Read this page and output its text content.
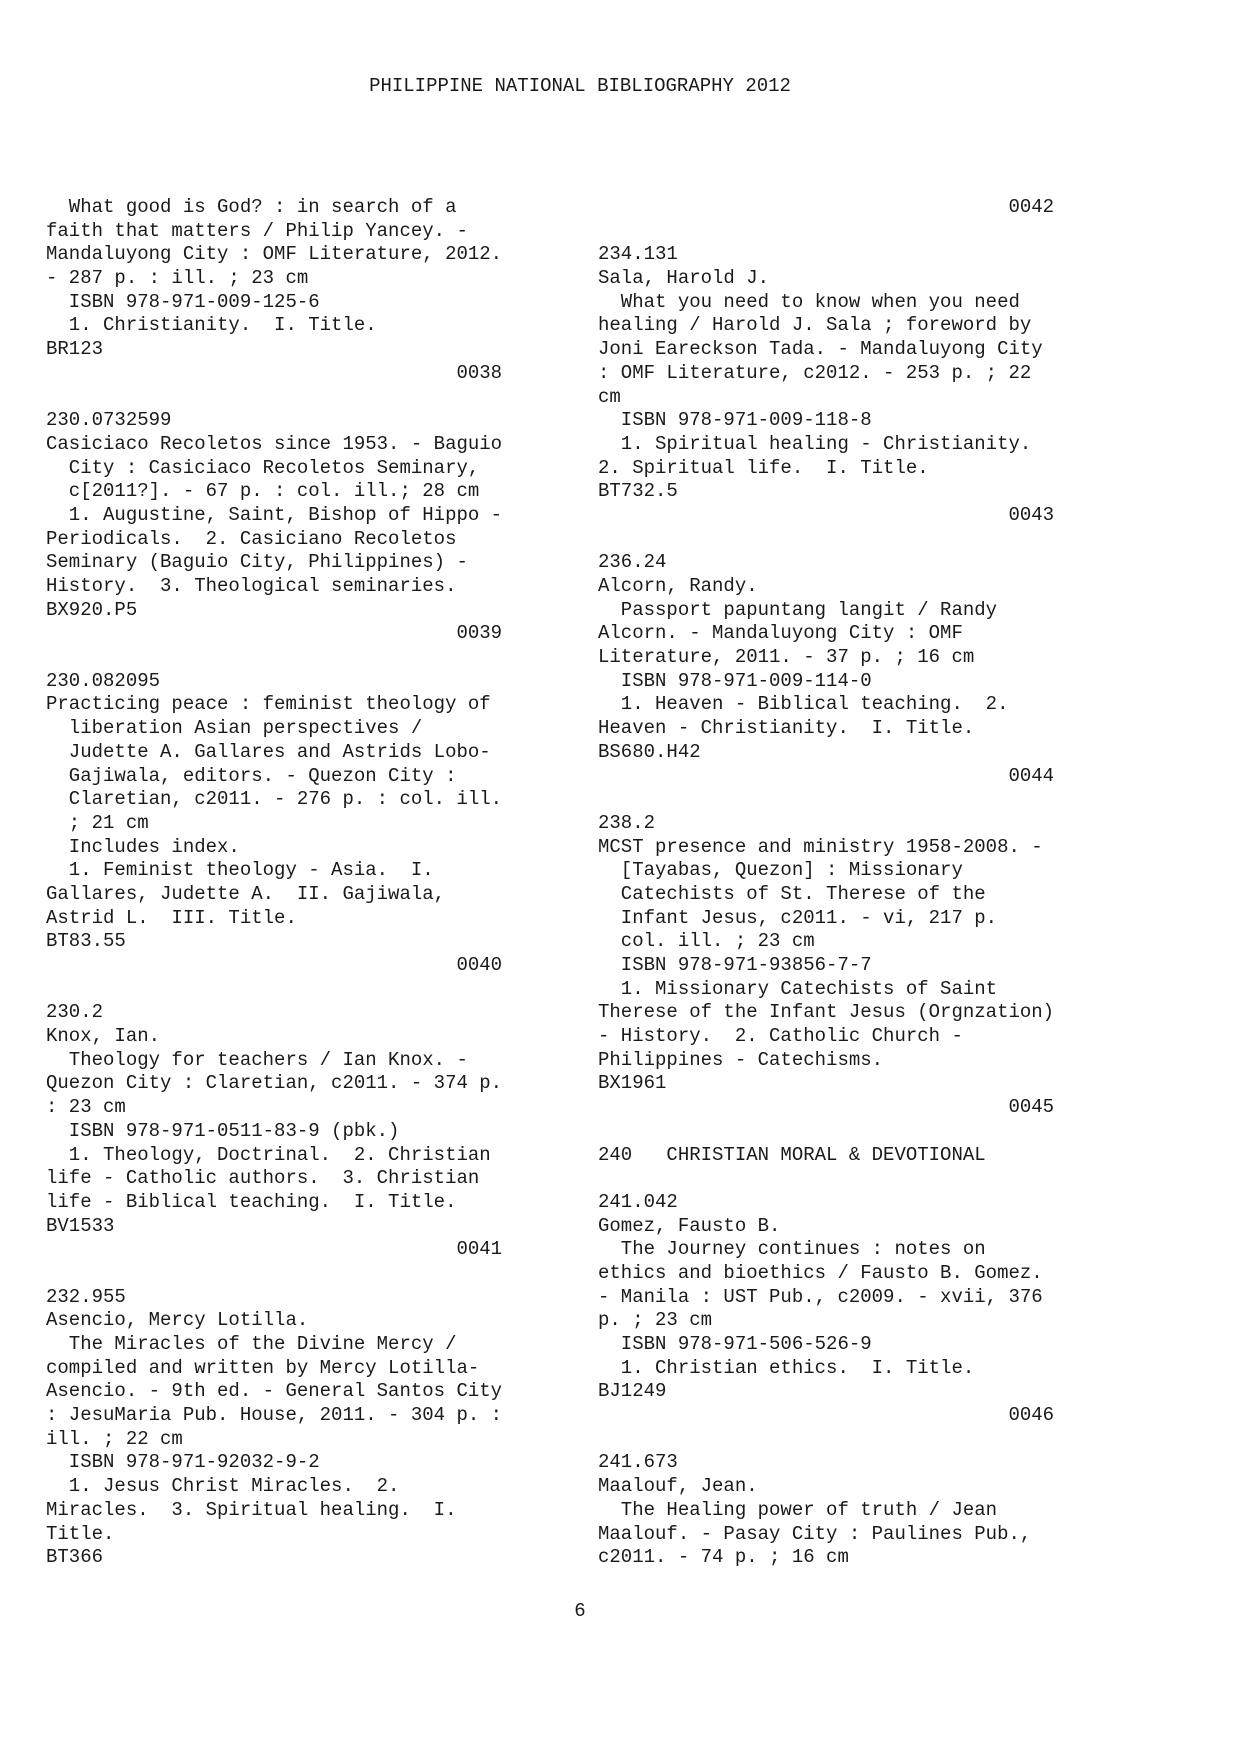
PHILIPPINE NATIONAL BIBLIOGRAPHY 2012
What good is God? : in search of a
faith that matters / Philip Yancey. -
Mandaluyong City : OMF Literature, 2012.
- 287 p. : ill. ; 23 cm
ISBN 978-971-009-125-6
1. Christianity.  I. Title.
BR123
0038
230.0732599
Casiciaco Recoletos since 1953. - Baguio
City : Casiciaco Recoletos Seminary,
c[2011?]. - 67 p. : col. ill.; 28 cm
1. Augustine, Saint, Bishop of Hippo -
Periodicals.  2. Casiciano Recoletos
Seminary (Baguio City, Philippines) -
History.  3. Theological seminaries.
BX920.P5
0039
230.082095
Practicing peace : feminist theology of
liberation Asian perspectives /
Judette A. Gallares and Astrids Lobo-
Gajiwala, editors. - Quezon City :
Claretian, c2011. - 276 p. : col. ill.
; 21 cm
Includes index.
1. Feminist theology - Asia.  I.
Gallares, Judette A.  II. Gajiwala,
Astrid L.  III. Title.
BT83.55
0040
230.2
Knox, Ian.
Theology for teachers / Ian Knox. -
Quezon City : Claretian, c2011. - 374 p.
: 23 cm
ISBN 978-971-0511-83-9 (pbk.)
1. Theology, Doctrinal.  2. Christian
life - Catholic authors.  3. Christian
life - Biblical teaching.  I. Title.
BV1533
0041
232.955
Asencio, Mercy Lotilla.
The Miracles of the Divine Mercy /
compiled and written by Mercy Lotilla-
Asencio. - 9th ed. - General Santos City
: JesuMaria Pub. House, 2011. - 304 p. :
ill. ; 22 cm
ISBN 978-971-92032-9-2
1. Jesus Christ Miracles.  2.
Miracles.  3. Spiritual healing.  I.
Title.
BT366
0042
234.131
Sala, Harold J.
What you need to know when you need
healing / Harold J. Sala ; foreword by
Joni Eareckson Tada. - Mandaluyong City
: OMF Literature, c2012. - 253 p. ; 22
cm
ISBN 978-971-009-118-8
1. Spiritual healing - Christianity.
2. Spiritual life.  I. Title.
BT732.5
0043
236.24
Alcorn, Randy.
Passport papuntang langit / Randy
Alcorn. - Mandaluyong City : OMF
Literature, 2011. - 37 p. ; 16 cm
ISBN 978-971-009-114-0
1. Heaven - Biblical teaching.  2.
Heaven - Christianity.  I. Title.
BS680.H42
0044
238.2
MCST presence and ministry 1958-2008. -
[Tayabas, Quezon] : Missionary
Catechists of St. Therese of the
Infant Jesus, c2011. - vi, 217 p.
col. ill. ; 23 cm
ISBN 978-971-93856-7-7
1. Missionary Catechists of Saint
Therese of the Infant Jesus (Orgnzation)
- History.  2. Catholic Church -
Philippines - Catechisms.
BX1961
0045
240   CHRISTIAN MORAL & DEVOTIONAL
241.042
Gomez, Fausto B.
The Journey continues : notes on
ethics and bioethics / Fausto B. Gomez.
- Manila : UST Pub., c2009. - xvii, 376
p. ; 23 cm
ISBN 978-971-506-526-9
1. Christian ethics.  I. Title.
BJ1249
0046
241.673
Maalouf, Jean.
The Healing power of truth / Jean
Maalouf. - Pasay City : Paulines Pub.,
c2011. - 74 p. ; 16 cm
6
